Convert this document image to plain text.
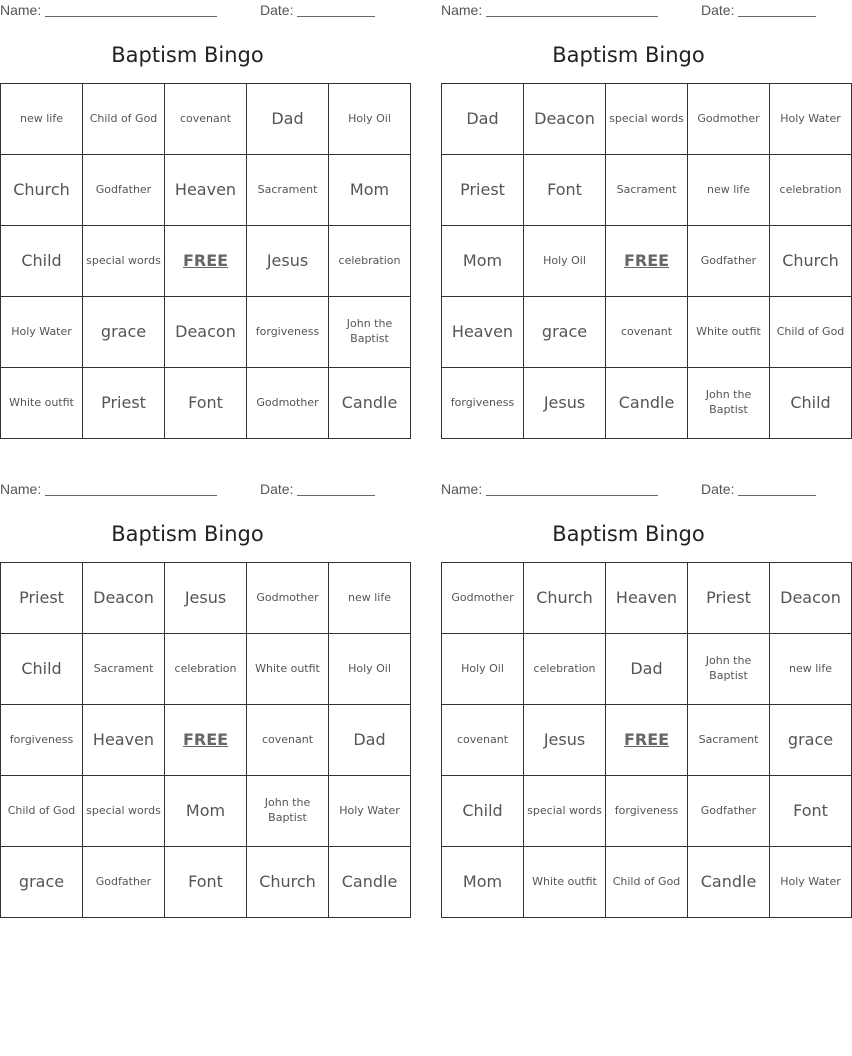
Name:	Date:
Baptism Bingo
new life	Child of God	covenant	Dad	Holy Oil
Church	Godfather	Heaven	Sacrament	Mom
Child	special words	FREE	Jesus	celebration
Holy Water	grace	Deacon	forgiveness	John the Baptist
White outfit	Priest	Font	Godmother	Candle
Name:	Date:
Baptism Bingo
Dad	Deacon	special words	Godmother	Holy Water
Priest	Font	Sacrament	new life	celebration
Mom	Holy Oil	FREE	Godfather	Church
Heaven	grace	covenant	White outfit	Child of God
forgiveness	Jesus	Candle	John the Baptist	Child
Name:	Date:
Baptism Bingo
Priest	Deacon	Jesus	Godmother	new life
Child	Sacrament	celebration	White outfit	Holy Oil
forgiveness	Heaven	FREE	covenant	Dad
Child of God	special words	Mom	John the Baptist	Holy Water
grace	Godfather	Font	Church	Candle
Name:	Date:
Baptism Bingo
Godmother	Church	Heaven	Priest	Deacon
Holy Oil	celebration	Dad	John the Baptist	new life
covenant	Jesus	FREE	Sacrament	grace
Child	special words	forgiveness	Godfather	Font
Mom	White outfit	Child of God	Candle	Holy Water
